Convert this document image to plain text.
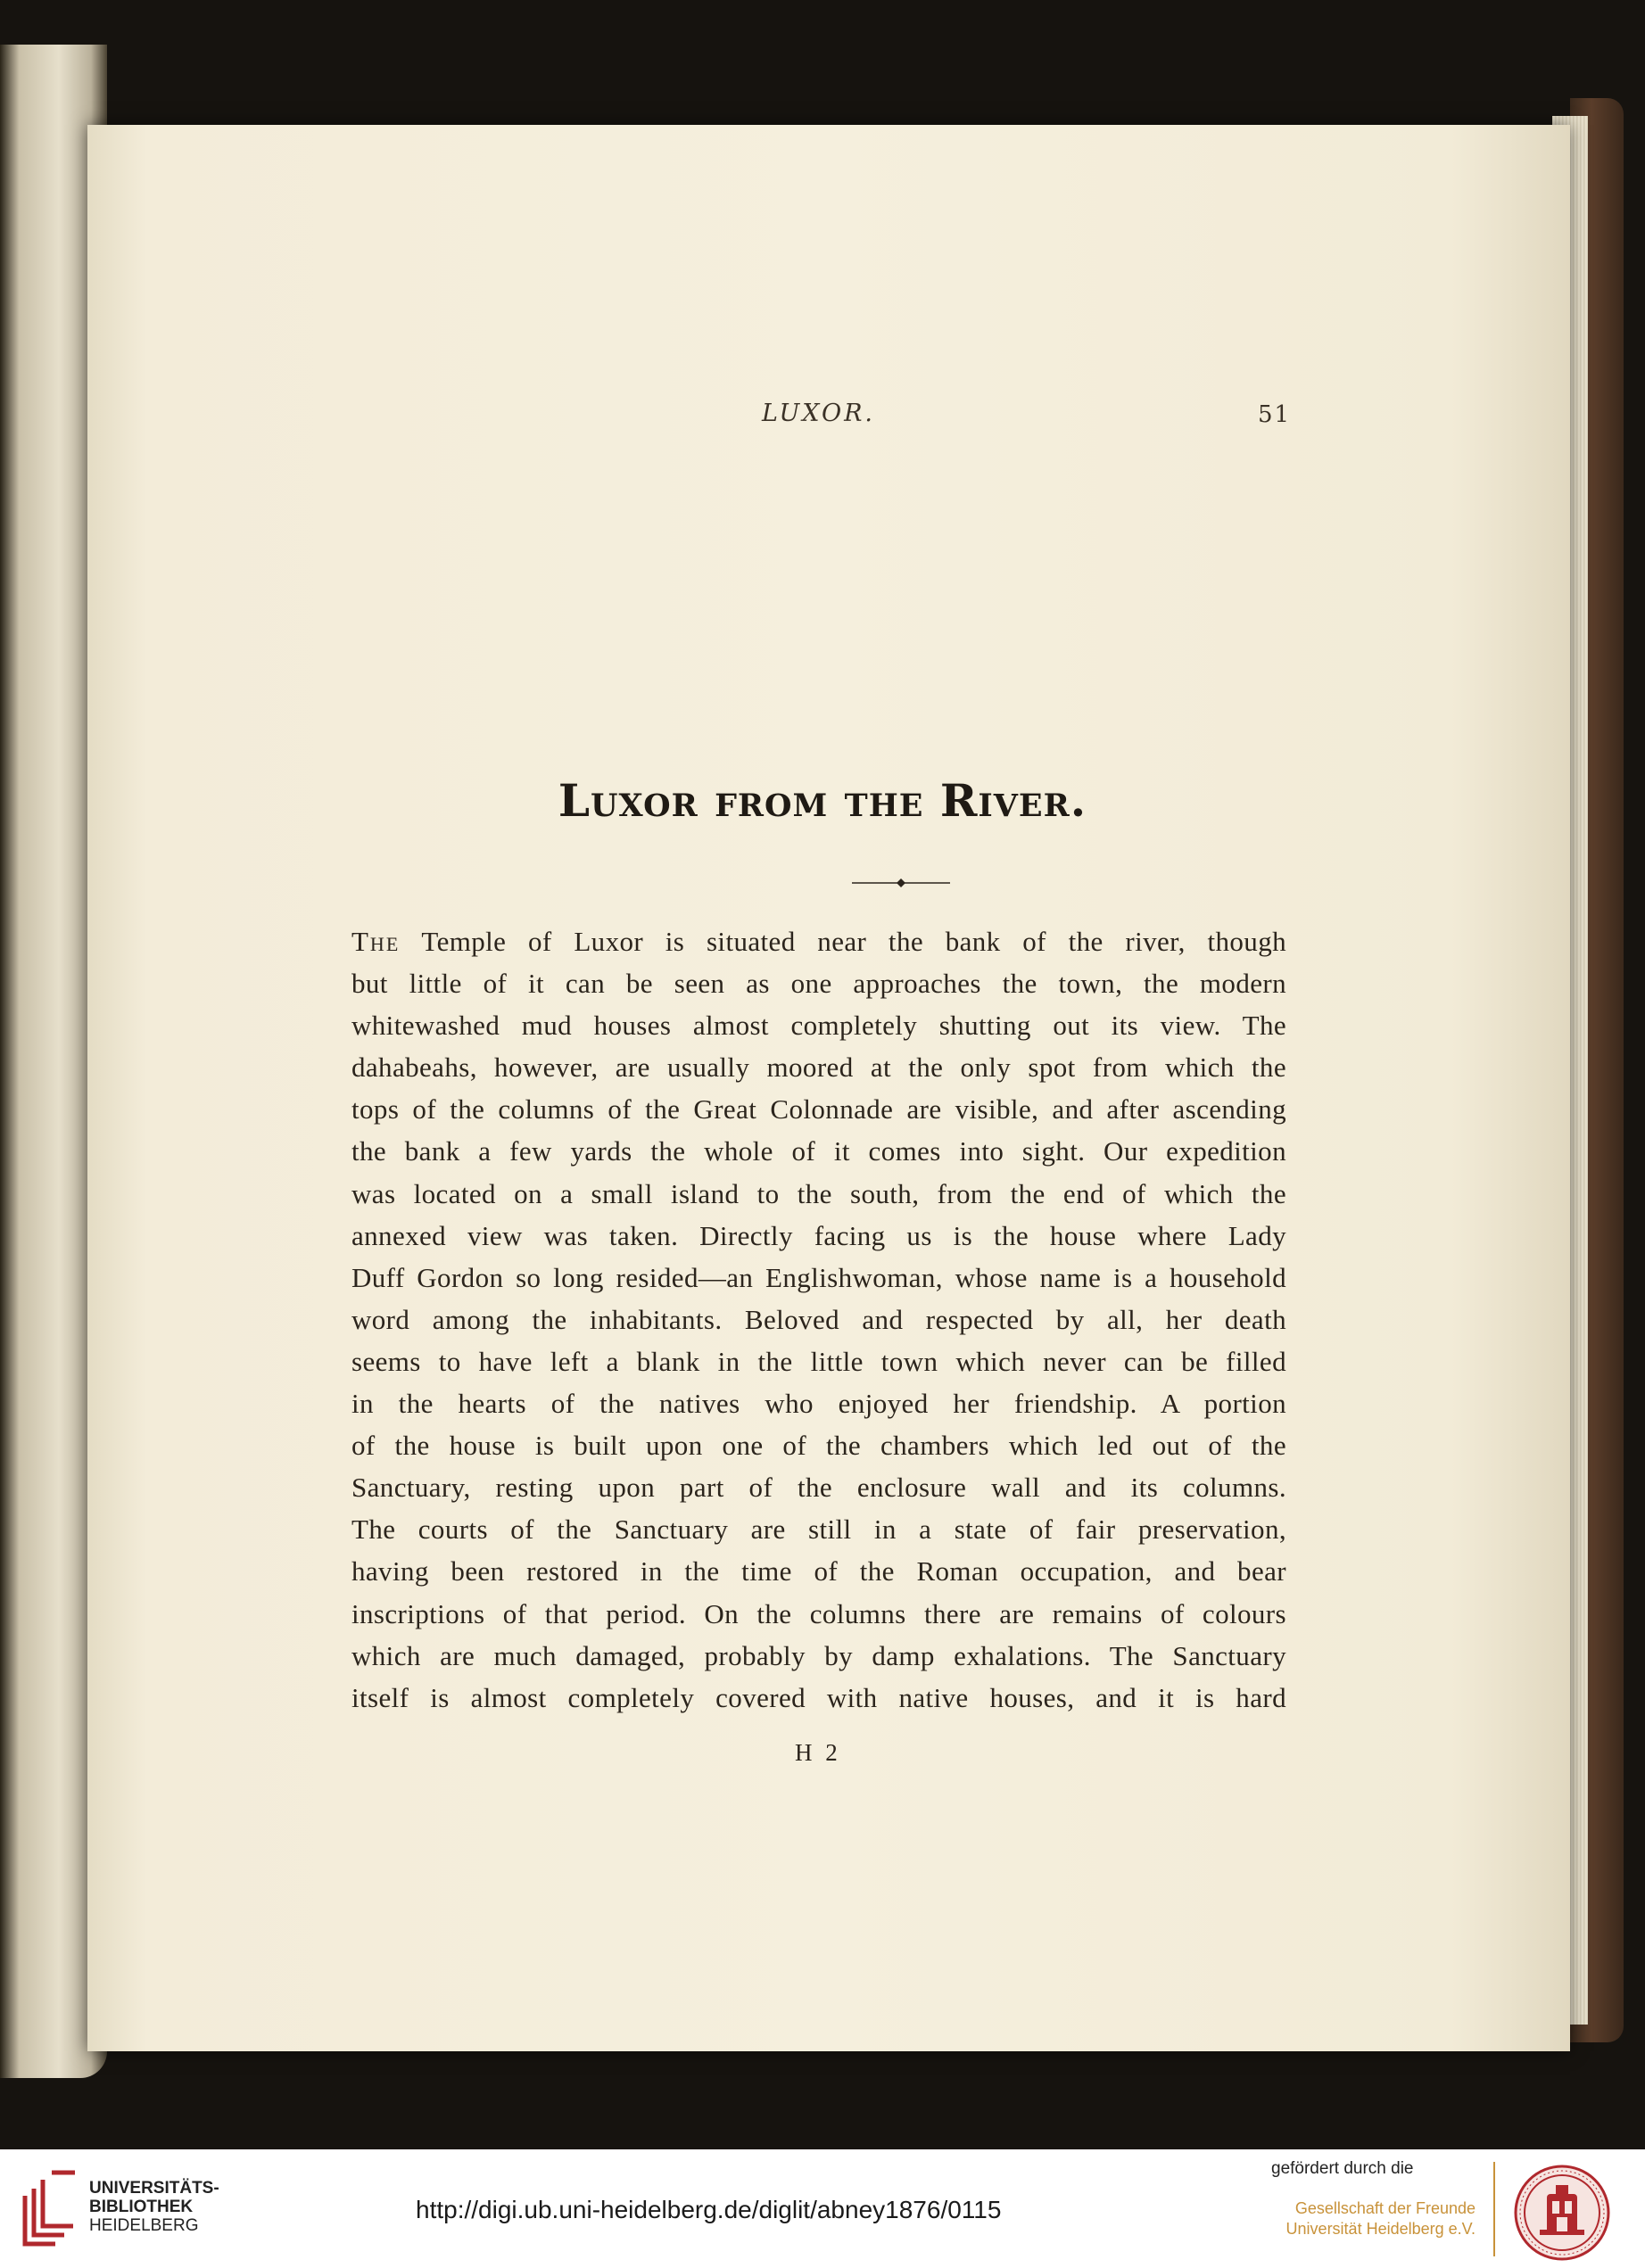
LUXOR.	51
Luxor from the River.
The Temple of Luxor is situated near the bank of the river, though
but little of it can be seen as one approaches the town, the modern
whitewashed mud houses almost completely shutting out its view. The
dahabeahs, however, are usually moored at the only spot from which the
tops of the columns of the Great Colonnade are visible, and after ascending
the bank a few yards the whole of it comes into sight. Our expedition
was located on a small island to the south, from the end of which the
annexed view was taken. Directly facing us is the house where Lady
Duff Gordon so long resided—an Englishwoman, whose name is a household
word among the inhabitants. Beloved and respected by all, her death
seems to have left a blank in the little town which never can be filled
in the hearts of the natives who enjoyed her friendship. A portion
of the house is built upon one of the chambers which led out of the
Sanctuary, resting upon part of the enclosure wall and its columns.
The courts of the Sanctuary are still in a state of fair preservation,
having been restored in the time of the Roman occupation, and bear
inscriptions of that period. On the columns there are remains of colours
which are much damaged, probably by damp exhalations. The Sanctuary
itself is almost completely covered with native houses, and it is hard
H 2
UNIVERSITÄTS-
BIBLIOTHEK
HEIDELBERG
http://digi.ub.uni-heidelberg.de/diglit/abney1876/0115
gefördert durch die
Gesellschaft der Freunde
Universität Heidelberg e.V.
